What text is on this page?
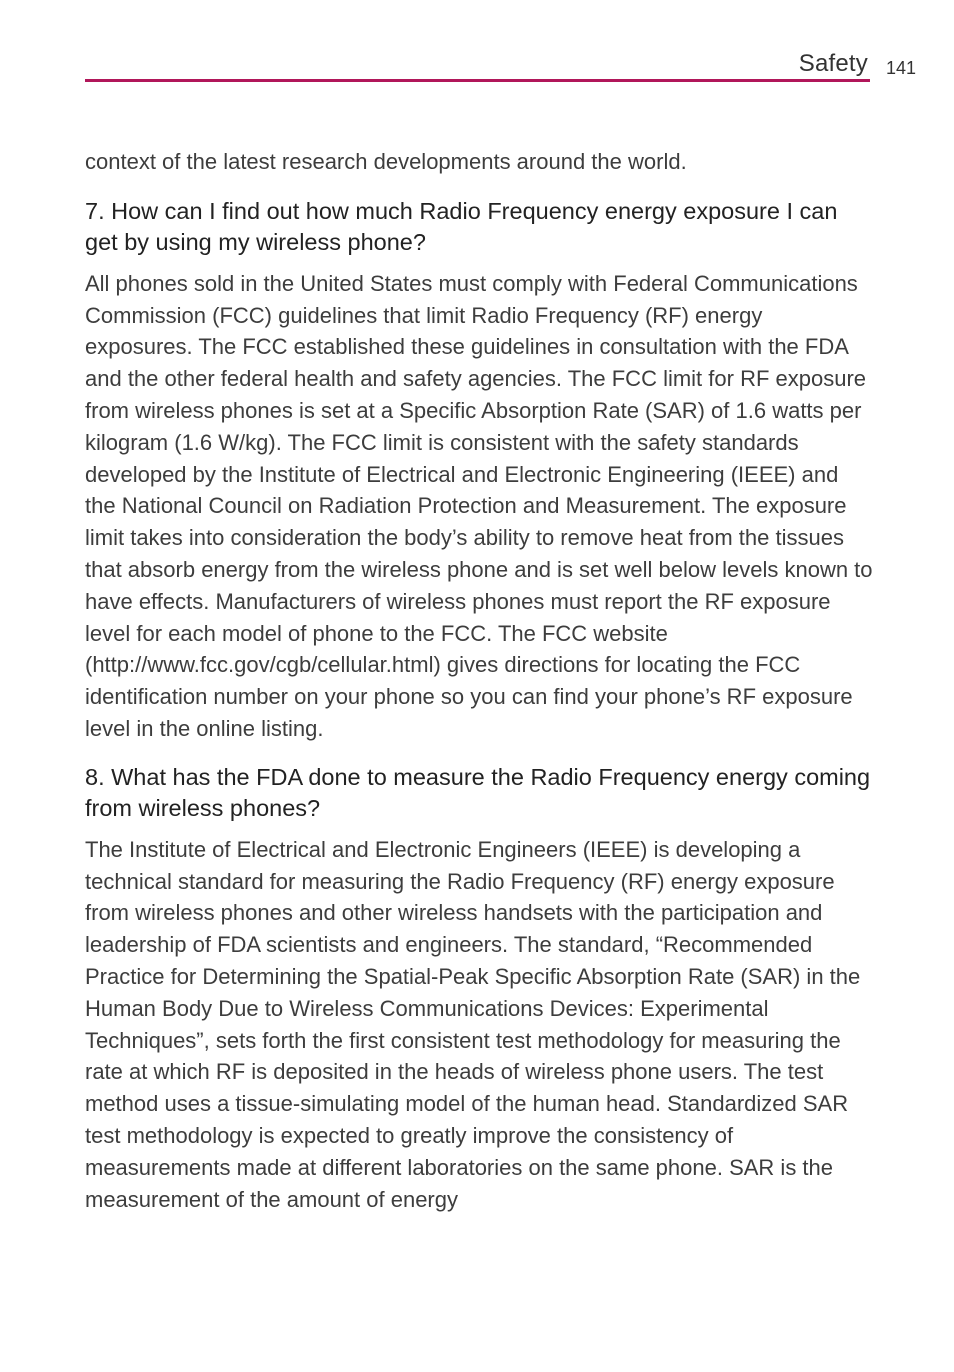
Safety 141

context of the latest research developments around the world.

7. How can I find out how much Radio Frequency energy exposure I can get by using my wireless phone?

All phones sold in the United States must comply with Federal Communications Commission (FCC) guidelines that limit Radio Frequency (RF) energy exposures. The FCC established these guidelines in consultation with the FDA and the other federal health and safety agencies. The FCC limit for RF exposure from wireless phones is set at a Specific Absorption Rate (SAR) of 1.6 watts per kilogram (1.6 W/kg). The FCC limit is consistent with the safety standards developed by the Institute of Electrical and Electronic Engineering (IEEE) and the National Council on Radiation Protection and Measurement. The exposure limit takes into consideration the body’s ability to remove heat from the tissues that absorb energy from the wireless phone and is set well below levels known to have effects. Manufacturers of wireless phones must report the RF exposure level for each model of phone to the FCC. The FCC website (http://www.fcc.gov/cgb/cellular.html) gives directions for locating the FCC identification number on your phone so you can find your phone’s RF exposure level in the online listing.

8. What has the FDA done to measure the Radio Frequency energy coming from wireless phones?

The Institute of Electrical and Electronic Engineers (IEEE) is developing a technical standard for measuring the Radio Frequency (RF) energy exposure from wireless phones and other wireless handsets with the participation and leadership of FDA scientists and engineers. The standard, “Recommended Practice for Determining the Spatial-Peak Specific Absorption Rate (SAR) in the Human Body Due to Wireless Communications Devices: Experimental Techniques”, sets forth the first consistent test methodology for measuring the rate at which RF is deposited in the heads of wireless phone users. The test method uses a tissue-simulating model of the human head. Standardized SAR test methodology is expected to greatly improve the consistency of measurements made at different laboratories on the same phone. SAR is the measurement of the amount of energy
